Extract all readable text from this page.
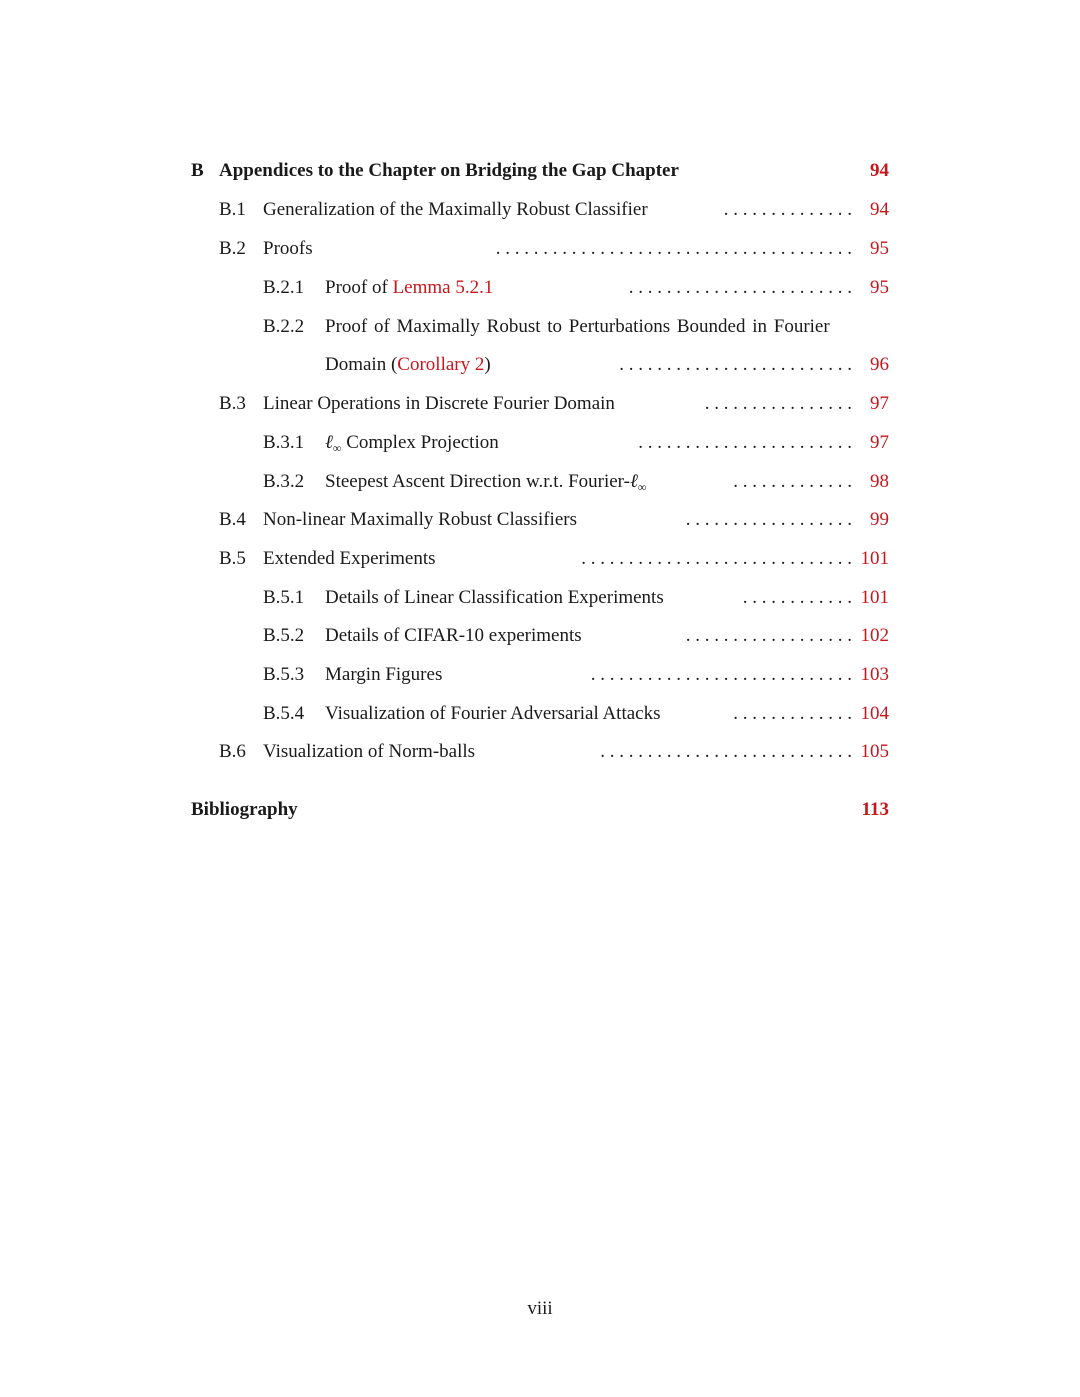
B Appendices to the Chapter on Bridging the Gap Chapter	94
B.1 Generalization of the Maximally Robust Classifier	. . . . . . . . . . . . . . 94
B.2 Proofs	. . . . . . . . . . . . . . . . . . . . . . . . . . . . . . . . . . . . . . 95
B.2.1 Proof of Lemma 5.2.1	. . . . . . . . . . . . . . . . . . . . . . . . 95
B.2.2 Proof of Maximally Robust to Perturbations Bounded in Fourier
Domain (Corollary 2)	. . . . . . . . . . . . . . . . . . . . . . . . . 96
B.3 Linear Operations in Discrete Fourier Domain	. . . . . . . . . . . . . . . . 97
B.3.1 ℓ$_\infty$ Complex Projection	. . . . . . . . . . . . . . . . . . . . . . . 97
B.3.2 Steepest Ascent Direction w.r.t. Fourier-ℓ$_\infty$	. . . . . . . . . . . . . 98
B.4 Non-linear Maximally Robust Classifiers	. . . . . . . . . . . . . . . . . . 99
B.5 Extended Experiments	. . . . . . . . . . . . . . . . . . . . . . . . . . . . . 101
B.5.1 Details of Linear Classification Experiments	. . . . . . . . . . . . 101
B.5.2 Details of CIFAR-10 experiments	. . . . . . . . . . . . . . . . . . 102
B.5.3 Margin Figures	. . . . . . . . . . . . . . . . . . . . . . . . . . . . 103
B.5.4 Visualization of Fourier Adversarial Attacks	. . . . . . . . . . . . . 104
B.6 Visualization of Norm-balls	. . . . . . . . . . . . . . . . . . . . . . . . . . . 105
Bibliography	113
viii
